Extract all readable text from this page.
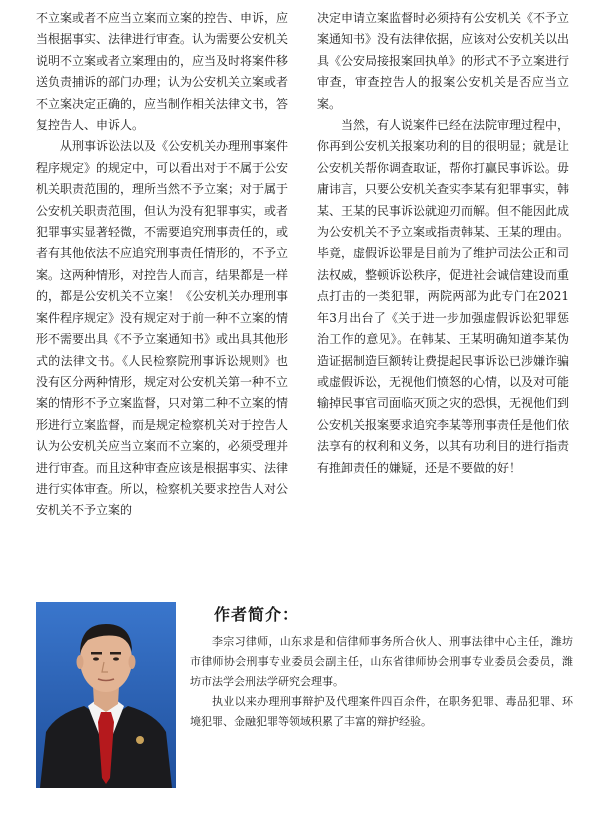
不立案或者不应当立案而立案的控告、申诉，应当根据事实、法律进行审查。认为需要公安机关说明不立案或者立案理由的，应当及时将案件移送负责捕诉的部门办理；认为公安机关立案或者不立案决定正确的，应当制作相关法律文书，答复控告人、申诉人。

从刑事诉讼法以及《公安机关办理刑事案件程序规定》的规定中，可以看出对于不属于公安机关职责范围的，理所当然不予立案；对于属于公安机关职责范围，但认为没有犯罪事实，或者犯罪事实显著轻微，不需要追究刑事责任的，或者有其他依法不应追究刑事责任情形的，不予立案。这两种情形，对控告人而言，结果都是一样的，都是公安机关不立案！《公安机关办理刑事案件程序规定》没有规定对于前一种不立案的情形不需要出具《不予立案通知书》或出具其他形式的法律文书。《人民检察院刑事诉讼规则》也没有区分两种情形，规定对公安机关第一种不立案的情形不予立案监督，只对第二种不立案的情形进行立案监督，而是规定检察机关对于控告人认为公安机关应当立案而不立案的，必须受理并进行审查。而且这种审查应该是根据事实、法律进行实体审查。所以，检察机关要求控告人对公安机关不予立案的

决定申请立案监督时必须持有公安机关《不予立案通知书》没有法律依据，应该对公安机关以出具《公安局接报案回执单》的形式不予立案进行审查，审查控告人的报案公安机关是否应当立案。

当然，有人说案件已经在法院审理过程中，你再到公安机关报案功利的目的很明显；就是让公安机关帮你调查取证，帮你打赢民事诉讼。毋庸讳言，只要公安机关查实李某有犯罪事实，韩某、王某的民事诉讼就迎刃而解。但不能因此成为公安机关不予立案或指责韩某、王某的理由。毕竟，虚假诉讼罪是目前为了维护司法公正和司法权威，整顿诉讼秩序，促进社会诚信建设而重点打击的一类犯罪，两院两部为此专门在2021年3月出台了《关于进一步加强虚假诉讼犯罪惩治工作的意见》。在韩某、王某明确知道李某伪造证据制造巨额转让费提起民事诉讼已涉嫌诈骗或虚假诉讼，无视他们愤怒的心情，以及对可能输掉民事官司面临灭顶之灾的恐惧，无视他们到公安机关报案要求追究李某等刑事责任是他们依法享有的权利和义务，以其有功利目的进行指责有推卸责任的嫌疑，还是不要做的好！

作者简介：

李宗习律师，山东求是和信律师事务所合伙人、刑事法律中心主任，潍坊市律师协会刑事专业委员会副主任，山东省律师协会刑事专业委员会委员，潍坊市法学会刑法学研究会理事。

执业以来办理刑事辩护及代理案件四百余件，在职务犯罪、毒品犯罪、环境犯罪、金融犯罪等领域积累了丰富的辩护经验。
